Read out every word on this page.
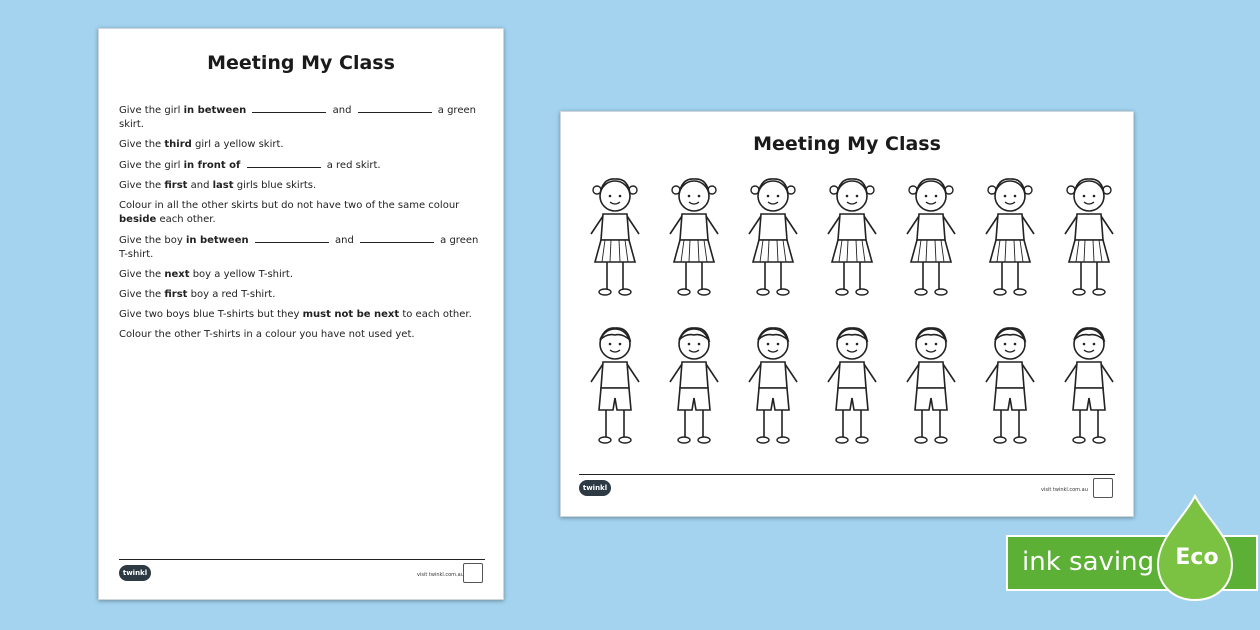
Meeting My Class
Give the girl in between	and	a green skirt.
Give the third girl a yellow skirt.
Give the girl in front of	a red skirt.
Give the first and last girls blue skirts.
Colour in all the other skirts but do not have two of the same colour beside each other.
Give the boy in between	and	a green T-shirt.
Give the next boy a yellow T-shirt.
Give the first boy a red T-shirt.
Give two boys blue T-shirts but they must not be next to each other.
Colour the other T-shirts in a colour you have not used yet.
twinkl	visit twinkl.com.au
Meeting My Class
twinkl	visit twinkl.com.au
ink saving Eco
